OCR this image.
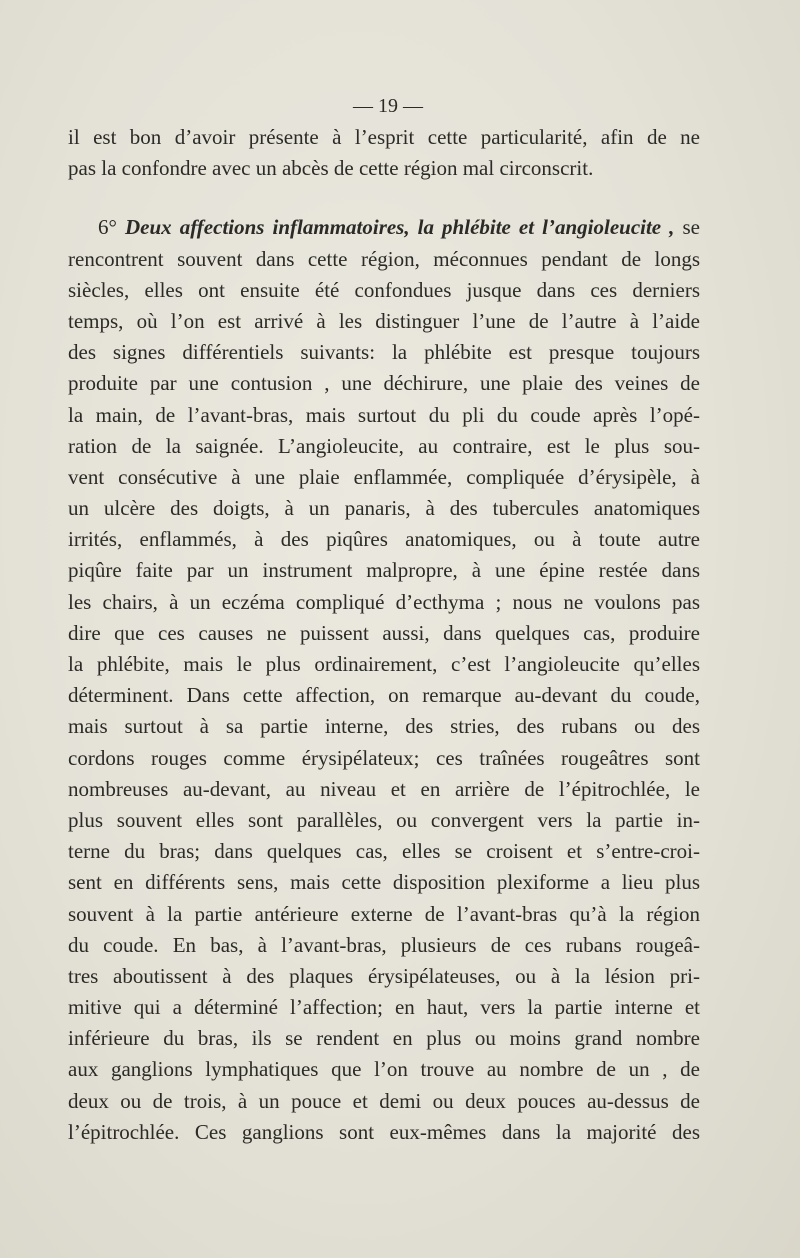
— 19 —
il est bon d’avoir présente à l’esprit cette particularité, afin de ne
pas la confondre avec un abcès de cette région mal circonscrit.
6° Deux affections inflammatoires, la phlébite et l’angioleucite , se
rencontrent souvent dans cette région, méconnues pendant de longs
siècles, elles ont ensuite été confondues jusque dans ces derniers
temps, où l’on est arrivé à les distinguer l’une de l’autre à l’aide
des signes différentiels suivants: la phlébite est presque toujours
produite par une contusion , une déchirure, une plaie des veines de
la main, de l’avant-bras, mais surtout du pli du coude après l’opé-
ration de la saignée. L’angioleucite, au contraire, est le plus sou-
vent consécutive à une plaie enflammée, compliquée d’érysipèle, à
un ulcère des doigts, à un panaris, à des tubercules anatomiques
irrités, enflammés, à des piqûres anatomiques, ou à toute autre
piqûre faite par un instrument malpropre, à une épine restée dans
les chairs, à un eczéma compliqué d’ecthyma ; nous ne voulons pas
dire que ces causes ne puissent aussi, dans quelques cas, produire
la phlébite, mais le plus ordinairement, c’est l’angioleucite qu’elles
déterminent. Dans cette affection, on remarque au-devant du coude,
mais surtout à sa partie interne, des stries, des rubans ou des
cordons rouges comme érysipélateux; ces traînées rougeâtres sont
nombreuses au-devant, au niveau et en arrière de l’épitrochlée, le
plus souvent elles sont parallèles, ou convergent vers la partie in-
terne du bras; dans quelques cas, elles se croisent et s’entre-croi-
sent en différents sens, mais cette disposition plexiforme a lieu plus
souvent à la partie antérieure externe de l’avant-bras qu’à la région
du coude. En bas, à l’avant-bras, plusieurs de ces rubans rougeâ-
tres aboutissent à des plaques érysipélateuses, ou à la lésion pri-
mitive qui a déterminé l’affection; en haut, vers la partie interne et
inférieure du bras, ils se rendent en plus ou moins grand nombre
aux ganglions lymphatiques que l’on trouve au nombre de un , de
deux ou de trois, à un pouce et demi ou deux pouces au-dessus de
l’épitrochlée. Ces ganglions sont eux-mêmes dans la majorité des
